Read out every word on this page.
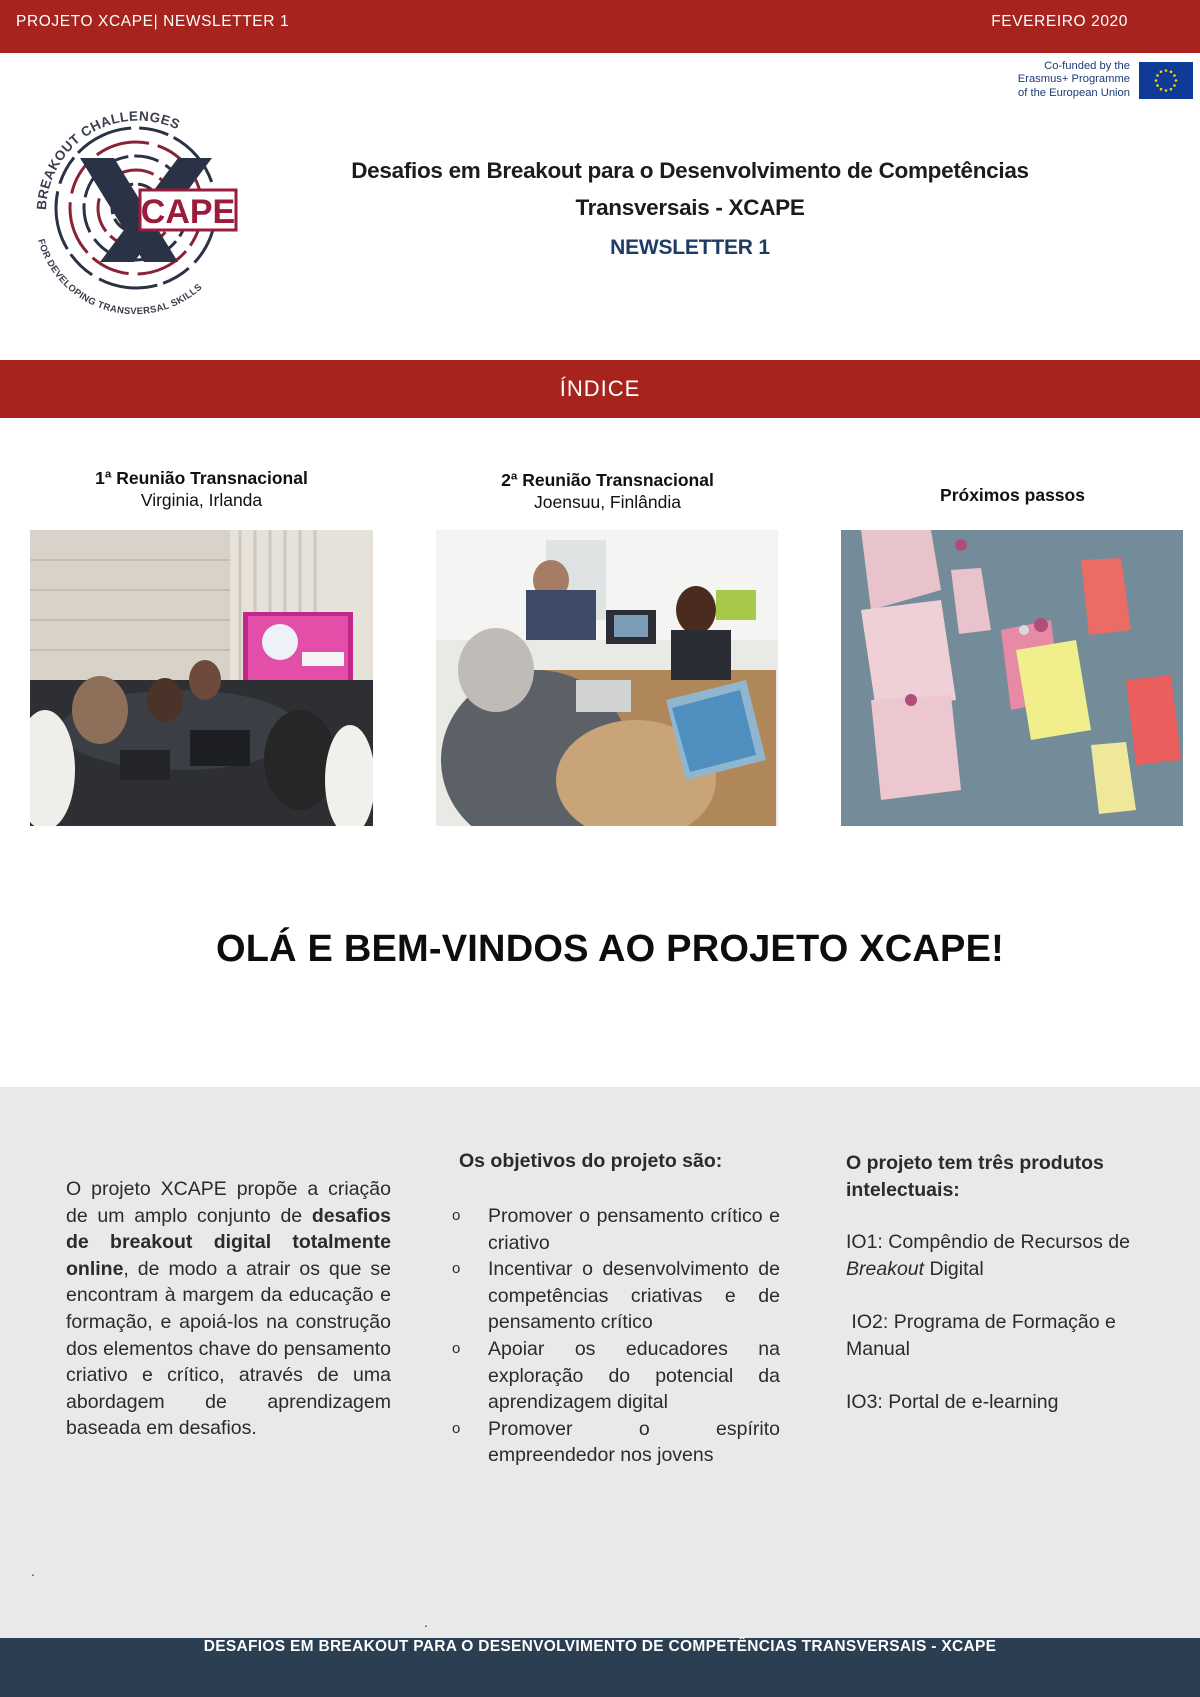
PROJETO XCAPE| NEWSLETTER 1	FEVEREIRO 2020
Co-funded by the
Erasmus+ Programme
of the European Union
CAPE
BREAKOUT CHALLENGES
FOR DEVELOPING TRANSVERSAL SKILLS
Desafios em Breakout para o Desenvolvimento de Competências
Transversais - XCAPE
NEWSLETTER 1
ÍNDICE
1ª Reunião Transnacional
Virginia, Irlanda
2ª Reunião Transnacional
Joensuu, Finlândia	Próximos passos
OLÁ E BEM-VINDOS AO PROJETO XCAPE!
O projeto XCAPE propõe a criação de um amplo conjunto de desafios de breakout digital totalmente online, de modo a atrair os que se encontram à margem da educação e formação, e apoiá-los na construção dos elementos chave do pensamento criativo e crítico, através de uma abordagem de aprendizagem baseada em desafios.
Os objetivos do projeto são:
o Promover o pensamento crítico e criativo
o Incentivar o desenvolvimento de competências criativas e de pensamento crítico
o Apoiar os educadores na exploração do potencial da aprendizagem digital
o Promover o espírito empreendedor nos jovens
O projeto tem três produtos intelectuais:
IO1: Compêndio de Recursos de Breakout Digital
IO2: Programa de Formação e Manual
IO3: Portal de e-learning
.
.
DESAFIOS EM BREAKOUT PARA O DESENVOLVIMENTO DE COMPETÊNCIAS TRANSVERSAIS - XCAPE
